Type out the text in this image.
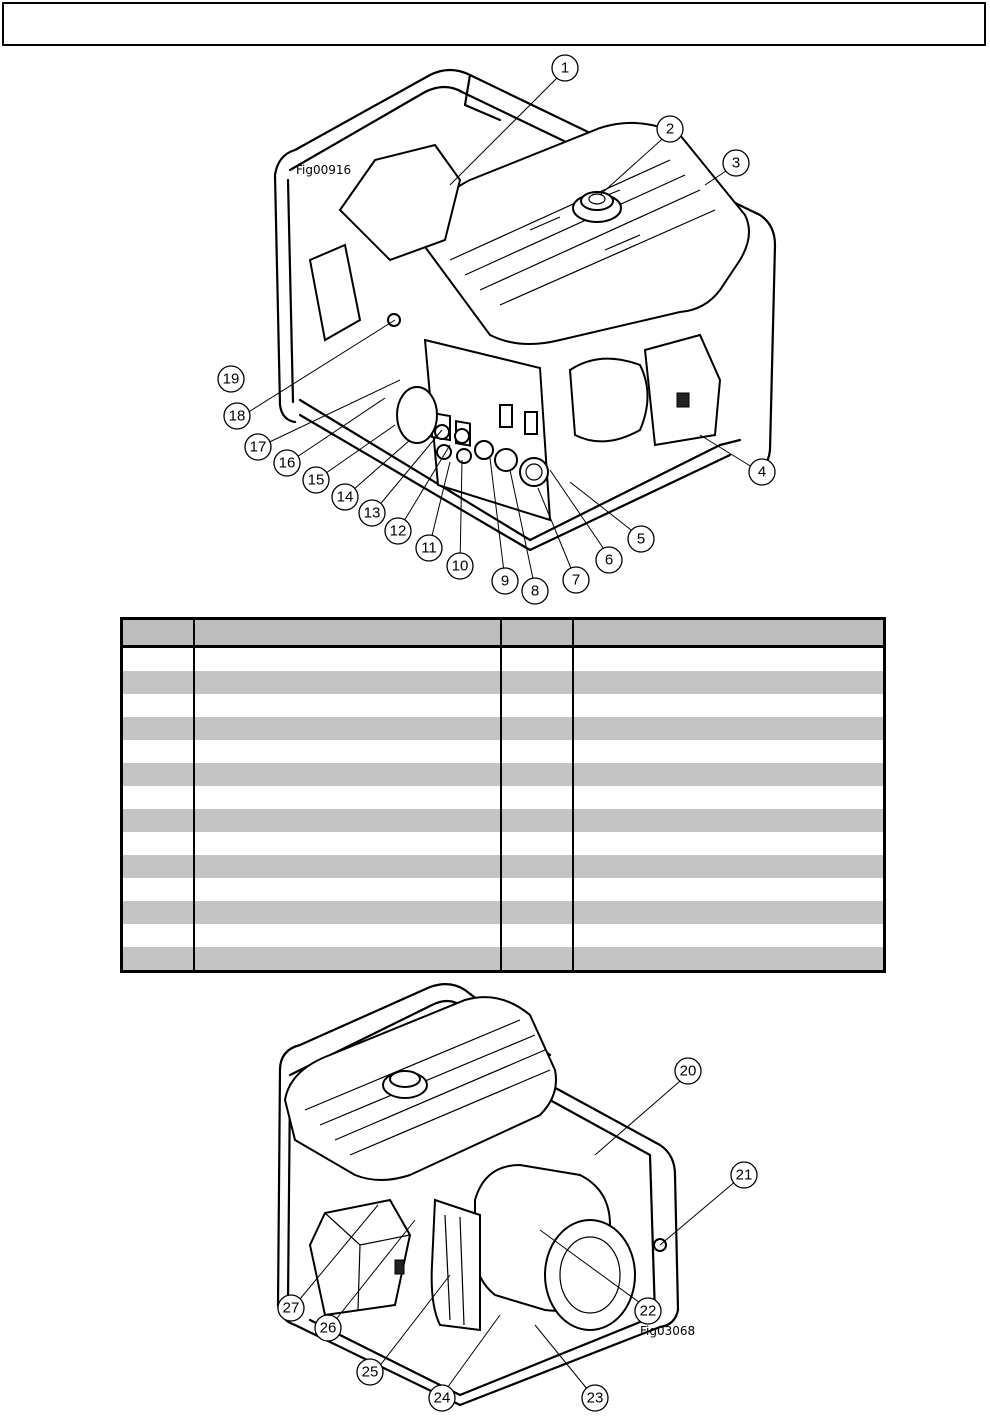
Fig00916
1
2
3
4
5
6
7
8
9
10
11
12
13
14
15
16
17
18
19

Fig03068
20
21
22
23
24
25
26
27
